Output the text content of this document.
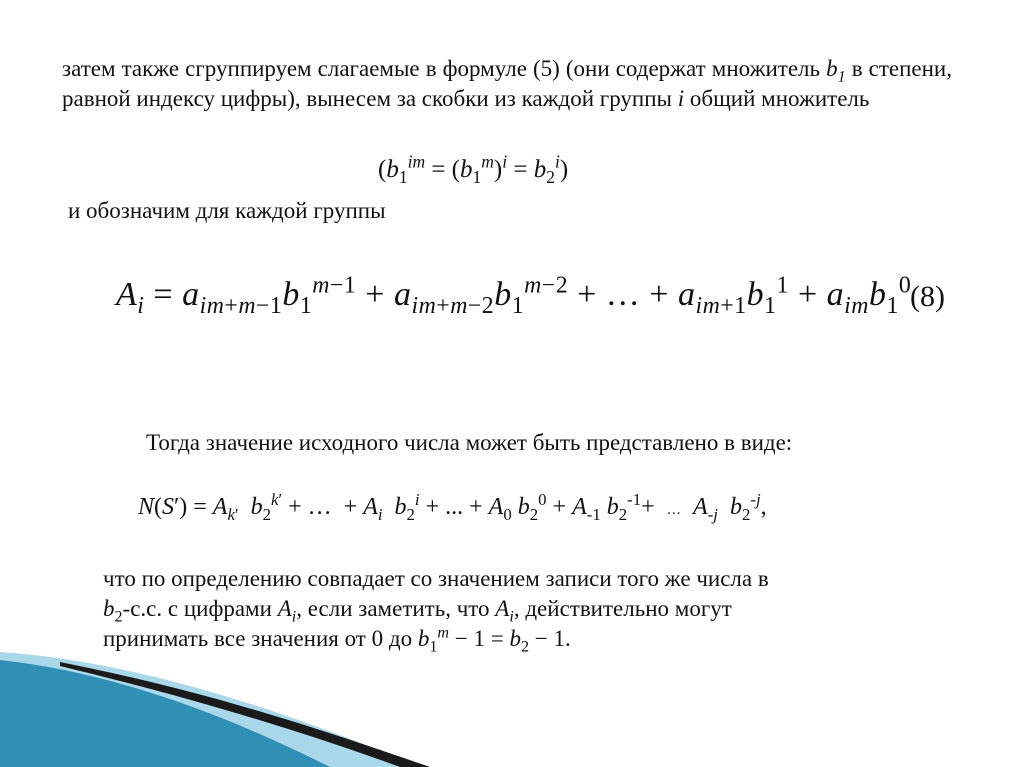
затем также сгруппируем слагаемые в формуле (5) (они содержат множитель $b_1$ в степени, равной индексу цифры), вынесем за скобки из каждой группы i общий множитель

$(b_1^{im} = (b_1^m)^i = b_2^i)$

и обозначим для каждой группы

$A_i = a_{im+m-1}b_1^{m-1} + a_{im+m-2}b_1^{m-2}$ + … + $a_{im+1}b_1^1 + a_{im}b_1^0$
(8)

Тогда значение исходного числа может быть представлено в виде:

$N(S') = A_{k'}$ $b_2^{k'}$ + …  + $A_i$ $b_2^i$ + ... + $A_0$ $b_2^0 + A_{-1}$ $b_2^{-1}+$  … $A_{-j}$ $b_2^{-j}$,

что по определению совпадает со значением записи того же числа в
$b_2-с.с$. с цифрами $A_i$, если заметить, что $A_i$, действительно могут
принимать все значения от 0 до $b_1^m - 1 = b_2 - 1$.
